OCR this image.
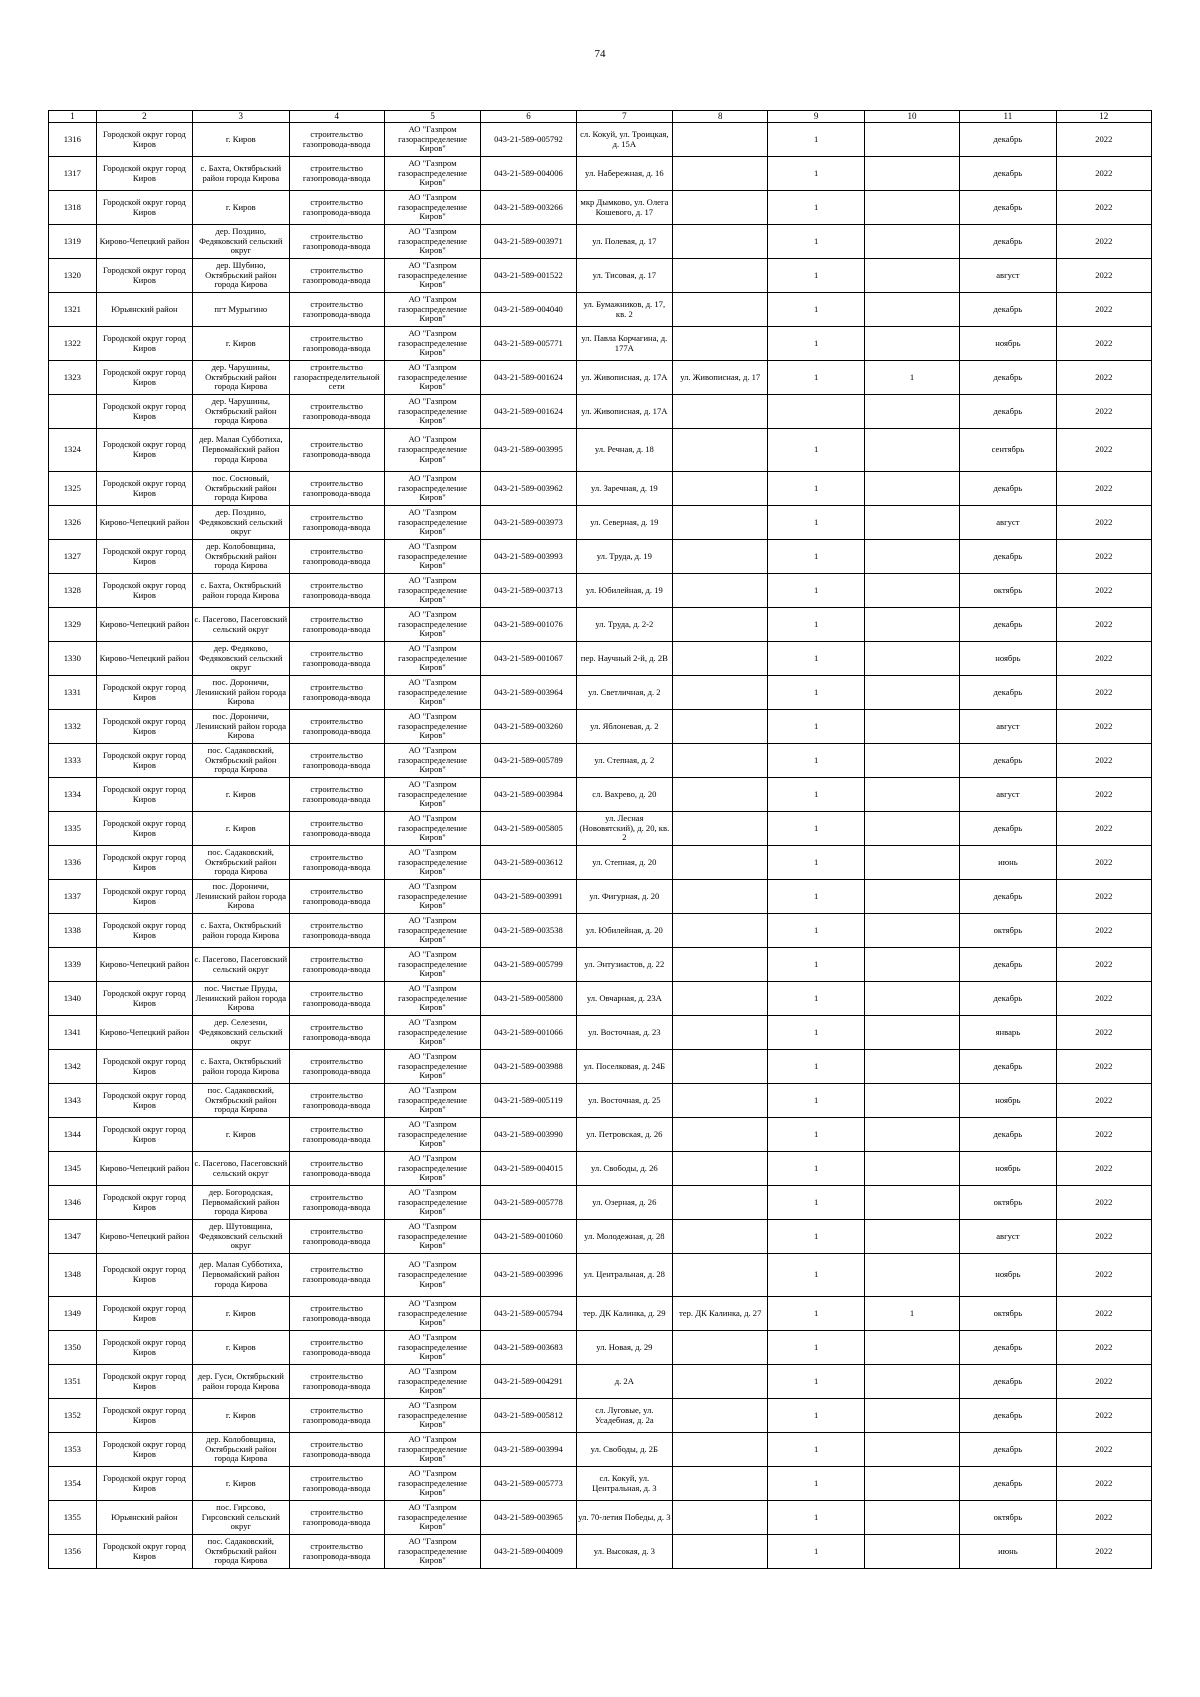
74
1	2	3	4	5	6	7	8	9	10	11	12
1316	Городской округ город Киров	г. Киров	строительство газопровода-ввода	АО "Газпром газораспределение Киров"	043-21-589-005792	сл. Кокуй, ул. Троицкая, д. 15А		1		декабрь	2022
1317	Городской округ город Киров	с. Бахта, Октябрьский район города Кирова	строительство газопровода-ввода	АО "Газпром газораспределение Киров"	043-21-589-004006	ул. Набережная, д. 16		1		декабрь	2022
1318	Городской округ город Киров	г. Киров	строительство газопровода-ввода	АО "Газпром газораспределение Киров"	043-21-589-003266	мкр Дымково, ул. Олега Кошевого, д. 17		1		декабрь	2022
1319	Кирово-Чепецкий район	дер. Поздино, Федяковский сельский округ	строительство газопровода-ввода	АО "Газпром газораспределение Киров"	043-21-589-003971	ул. Полевая, д. 17		1		декабрь	2022
1320	Городской округ город Киров	дер. Шубино, Октябрьский район города Кирова	строительство газопровода-ввода	АО "Газпром газораспределение Киров"	043-21-589-001522	ул. Тисовая, д. 17		1		август	2022
1321	Юрьянский район	пгт Мурыгино	строительство газопровода-ввода	АО "Газпром газораспределение Киров"	043-21-589-004040	ул. Бумажников, д. 17, кв. 2		1		декабрь	2022
1322	Городской округ город Киров	г. Киров	строительство газопровода-ввода	АО "Газпром газораспределение Киров"	043-21-589-005771	ул. Павла Корчагина, д. 177А		1		ноябрь	2022
1323	Городской округ город Киров	дер. Чарушины, Октябрьский район города Кирова	строительство газораспределительной сети	АО "Газпром газораспределение Киров"	043-21-589-001624	ул. Живописная, д. 17А	ул. Живописная, д. 17	1	1	декабрь	2022
	Городской округ город Киров	дер. Чарушины, Октябрьский район города Кирова	строительство газопровода-ввода	АО "Газпром газораспределение Киров"	043-21-589-001624	ул. Живописная, д. 17А				декабрь	2022
1324	Городской округ город Киров	дер. Малая Субботиха, Первомайский район города Кирова	строительство газопровода-ввода	АО "Газпром газораспределение Киров"	043-21-589-003995	ул. Речная, д. 18		1		сентябрь	2022
1325	Городской округ город Киров	пос. Сосновый, Октябрьский район города Кирова	строительство газопровода-ввода	АО "Газпром газораспределение Киров"	043-21-589-003962	ул. Заречная, д. 19		1		декабрь	2022
1326	Кирово-Чепецкий район	дер. Поздино, Федяковский сельский округ	строительство газопровода-ввода	АО "Газпром газораспределение Киров"	043-21-589-003973	ул. Северная, д. 19		1		август	2022
1327	Городской округ город Киров	дер. Колобовщина, Октябрьский район города Кирова	строительство газопровода-ввода	АО "Газпром газораспределение Киров"	043-21-589-003993	ул. Труда, д. 19		1		декабрь	2022
1328	Городской округ город Киров	с. Бахта, Октябрьский район города Кирова	строительство газопровода-ввода	АО "Газпром газораспределение Киров"	043-21-589-003713	ул. Юбилейная, д. 19		1		октябрь	2022
1329	Кирово-Чепецкий район	с. Пасегово, Пасеговский сельский округ	строительство газопровода-ввода	АО "Газпром газораспределение Киров"	043-21-589-001076	ул. Труда, д. 2-2		1		декабрь	2022
1330	Кирово-Чепецкий район	дер. Федяково, Федяковский сельский округ	строительство газопровода-ввода	АО "Газпром газораспределение Киров"	043-21-589-001067	пер. Научный 2-й, д. 2В		1		ноябрь	2022
1331	Городской округ город Киров	пос. Дороничи, Ленинский район города Кирова	строительство газопровода-ввода	АО "Газпром газораспределение Киров"	043-21-589-003964	ул. Светличная, д. 2		1		декабрь	2022
1332	Городской округ город Киров	пос. Дороничи, Ленинский район города Кирова	строительство газопровода-ввода	АО "Газпром газораспределение Киров"	043-21-589-003260	ул. Яблоневая, д. 2		1		август	2022
1333	Городской округ город Киров	пос. Садаковский, Октябрьский район города Кирова	строительство газопровода-ввода	АО "Газпром газораспределение Киров"	043-21-589-005789	ул. Степная, д. 2		1		декабрь	2022
1334	Городской округ город Киров	г. Киров	строительство газопровода-ввода	АО "Газпром газораспределение Киров"	043-21-589-003984	сл. Вахрево, д. 20		1		август	2022
1335	Городской округ город Киров	г. Киров	строительство газопровода-ввода	АО "Газпром газораспределение Киров"	043-21-589-005805	ул. Лесная (Нововятский), д. 20, кв. 2		1		декабрь	2022
1336	Городской округ город Киров	пос. Садаковский, Октябрьский район города Кирова	строительство газопровода-ввода	АО "Газпром газораспределение Киров"	043-21-589-003612	ул. Степная, д. 20		1		июнь	2022
1337	Городской округ город Киров	пос. Дороничи, Ленинский район города Кирова	строительство газопровода-ввода	АО "Газпром газораспределение Киров"	043-21-589-003991	ул. Фигурная, д. 20		1		декабрь	2022
1338	Городской округ город Киров	с. Бахта, Октябрьский район города Кирова	строительство газопровода-ввода	АО "Газпром газораспределение Киров"	043-21-589-003538	ул. Юбилейная, д. 20		1		октябрь	2022
1339	Кирово-Чепецкий район	с. Пасегово, Пасеговский сельский округ	строительство газопровода-ввода	АО "Газпром газораспределение Киров"	043-21-589-005799	ул. Энтузиастов, д. 22		1		декабрь	2022
1340	Городской округ город Киров	пос. Чистые Пруды, Ленинский район города Кирова	строительство газопровода-ввода	АО "Газпром газораспределение Киров"	043-21-589-005800	ул. Овчарная, д. 23А		1		декабрь	2022
1341	Кирово-Чепецкий район	дер. Селезени, Федяковский сельский округ	строительство газопровода-ввода	АО "Газпром газораспределение Киров"	043-21-589-001066	ул. Восточная, д. 23		1		январь	2022
1342	Городской округ город Киров	с. Бахта, Октябрьский район города Кирова	строительство газопровода-ввода	АО "Газпром газораспределение Киров"	043-21-589-003988	ул. Поселковая, д. 24Б		1		декабрь	2022
1343	Городской округ город Киров	пос. Садаковский, Октябрьский район города Кирова	строительство газопровода-ввода	АО "Газпром газораспределение Киров"	043-21-589-005119	ул. Восточная, д. 25		1		ноябрь	2022
1344	Городской округ город Киров	г. Киров	строительство газопровода-ввода	АО "Газпром газораспределение Киров"	043-21-589-003990	ул. Петровская, д. 26		1		декабрь	2022
1345	Кирово-Чепецкий район	с. Пасегово, Пасеговский сельский округ	строительство газопровода-ввода	АО "Газпром газораспределение Киров"	043-21-589-004015	ул. Свободы, д. 26		1		ноябрь	2022
1346	Городской округ город Киров	дер. Богородская, Первомайский район города Кирова	строительство газопровода-ввода	АО "Газпром газораспределение Киров"	043-21-589-005778	ул. Озерная, д. 26		1		октябрь	2022
1347	Кирово-Чепецкий район	дер. Шутовщина, Федяковский сельский округ	строительство газопровода-ввода	АО "Газпром газораспределение Киров"	043-21-589-001060	ул. Молодежная, д. 28		1		август	2022
1348	Городской округ город Киров	дер. Малая Субботиха, Первомайский район города Кирова	строительство газопровода-ввода	АО "Газпром газораспределение Киров"	043-21-589-003996	ул. Центральная, д. 28		1		ноябрь	2022
1349	Городской округ город Киров	г. Киров	строительство газопровода-ввода	АО "Газпром газораспределение Киров"	043-21-589-005794	тер. ДК Калинка, д. 29	тер. ДК Калинка, д. 27	1	1	октябрь	2022
1350	Городской округ город Киров	г. Киров	строительство газопровода-ввода	АО "Газпром газораспределение Киров"	043-21-589-003683	ул. Новая, д. 29		1		декабрь	2022
1351	Городской округ город Киров	дер. Гуси, Октябрьский район города Кирова	строительство газопровода-ввода	АО "Газпром газораспределение Киров"	043-21-589-004291	д. 2А		1		декабрь	2022
1352	Городской округ город Киров	г. Киров	строительство газопровода-ввода	АО "Газпром газораспределение Киров"	043-21-589-005812	сл. Луговые, ул. Усадебная, д. 2а		1		декабрь	2022
1353	Городской округ город Киров	дер. Колобовщина, Октябрьский район города Кирова	строительство газопровода-ввода	АО "Газпром газораспределение Киров"	043-21-589-003994	ул. Свободы, д. 2Б		1		декабрь	2022
1354	Городской округ город Киров	г. Киров	строительство газопровода-ввода	АО "Газпром газораспределение Киров"	043-21-589-005773	сл. Кокуй, ул. Центральная, д. 3		1		декабрь	2022
1355	Юрьянский район	пос. Гирсово, Гирсовский сельский округ	строительство газопровода-ввода	АО "Газпром газораспределение Киров"	043-21-589-003965	ул. 70-летия Победы, д. 3		1		октябрь	2022
1356	Городской округ город Киров	пос. Садаковский, Октябрьский район города Кирова	строительство газопровода-ввода	АО "Газпром газораспределение Киров"	043-21-589-004009	ул. Высокая, д. 3		1		июнь	2022
